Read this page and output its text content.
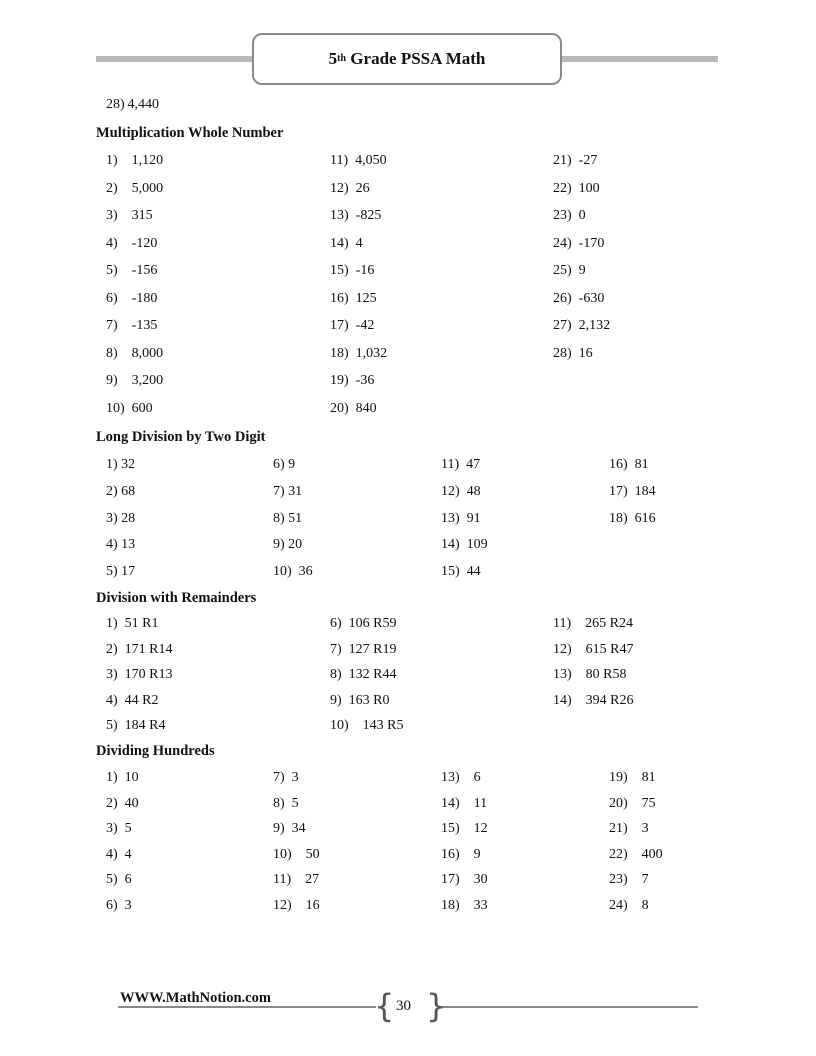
5th Grade PSSA Math
28) 4,440
Multiplication Whole Number
1)  1,120
2)  5,000
3)  315
4)  -120
5)  -156
6)  -180
7)  -135
8)  8,000
9)  3,200
10) 600
11) 4,050
12) 26
13) -825
14) 4
15) -16
16) 125
17) -42
18) 1,032
19) -36
20) 840
21) -27
22) 100
23) 0
24) -170
25) 9
26) -630
27) 2,132
28) 16
Long Division by Two Digit
1) 32
2) 68
3) 28
4) 13
5) 17
6) 9
7) 31
8) 51
9) 20
10) 36
11) 47
12) 48
13) 91
14) 109
15) 44
16) 81
17) 184
18) 616
Division with Remainders
1) 51 R1
2) 171 R14
3) 170 R13
4) 44 R2
5) 184 R4
6) 106 R59
7) 127 R19
8) 132 R44
9) 163 R0
10)  143 R5
11)  265 R24
12)  615 R47
13)  80 R58
14)  394 R26
Dividing Hundreds
1) 10
2) 40
3) 5
4) 4
5) 6
6) 3
7) 3
8) 5
9) 34
10)  50
11)  27
12)  16
13)  6
14)  11
15)  12
16)  9
17)  30
18)  33
19)  81
20)  75
21)  3
22)  400
23)  7
24)  8
WWW.MathNotion.com	{ }
30
